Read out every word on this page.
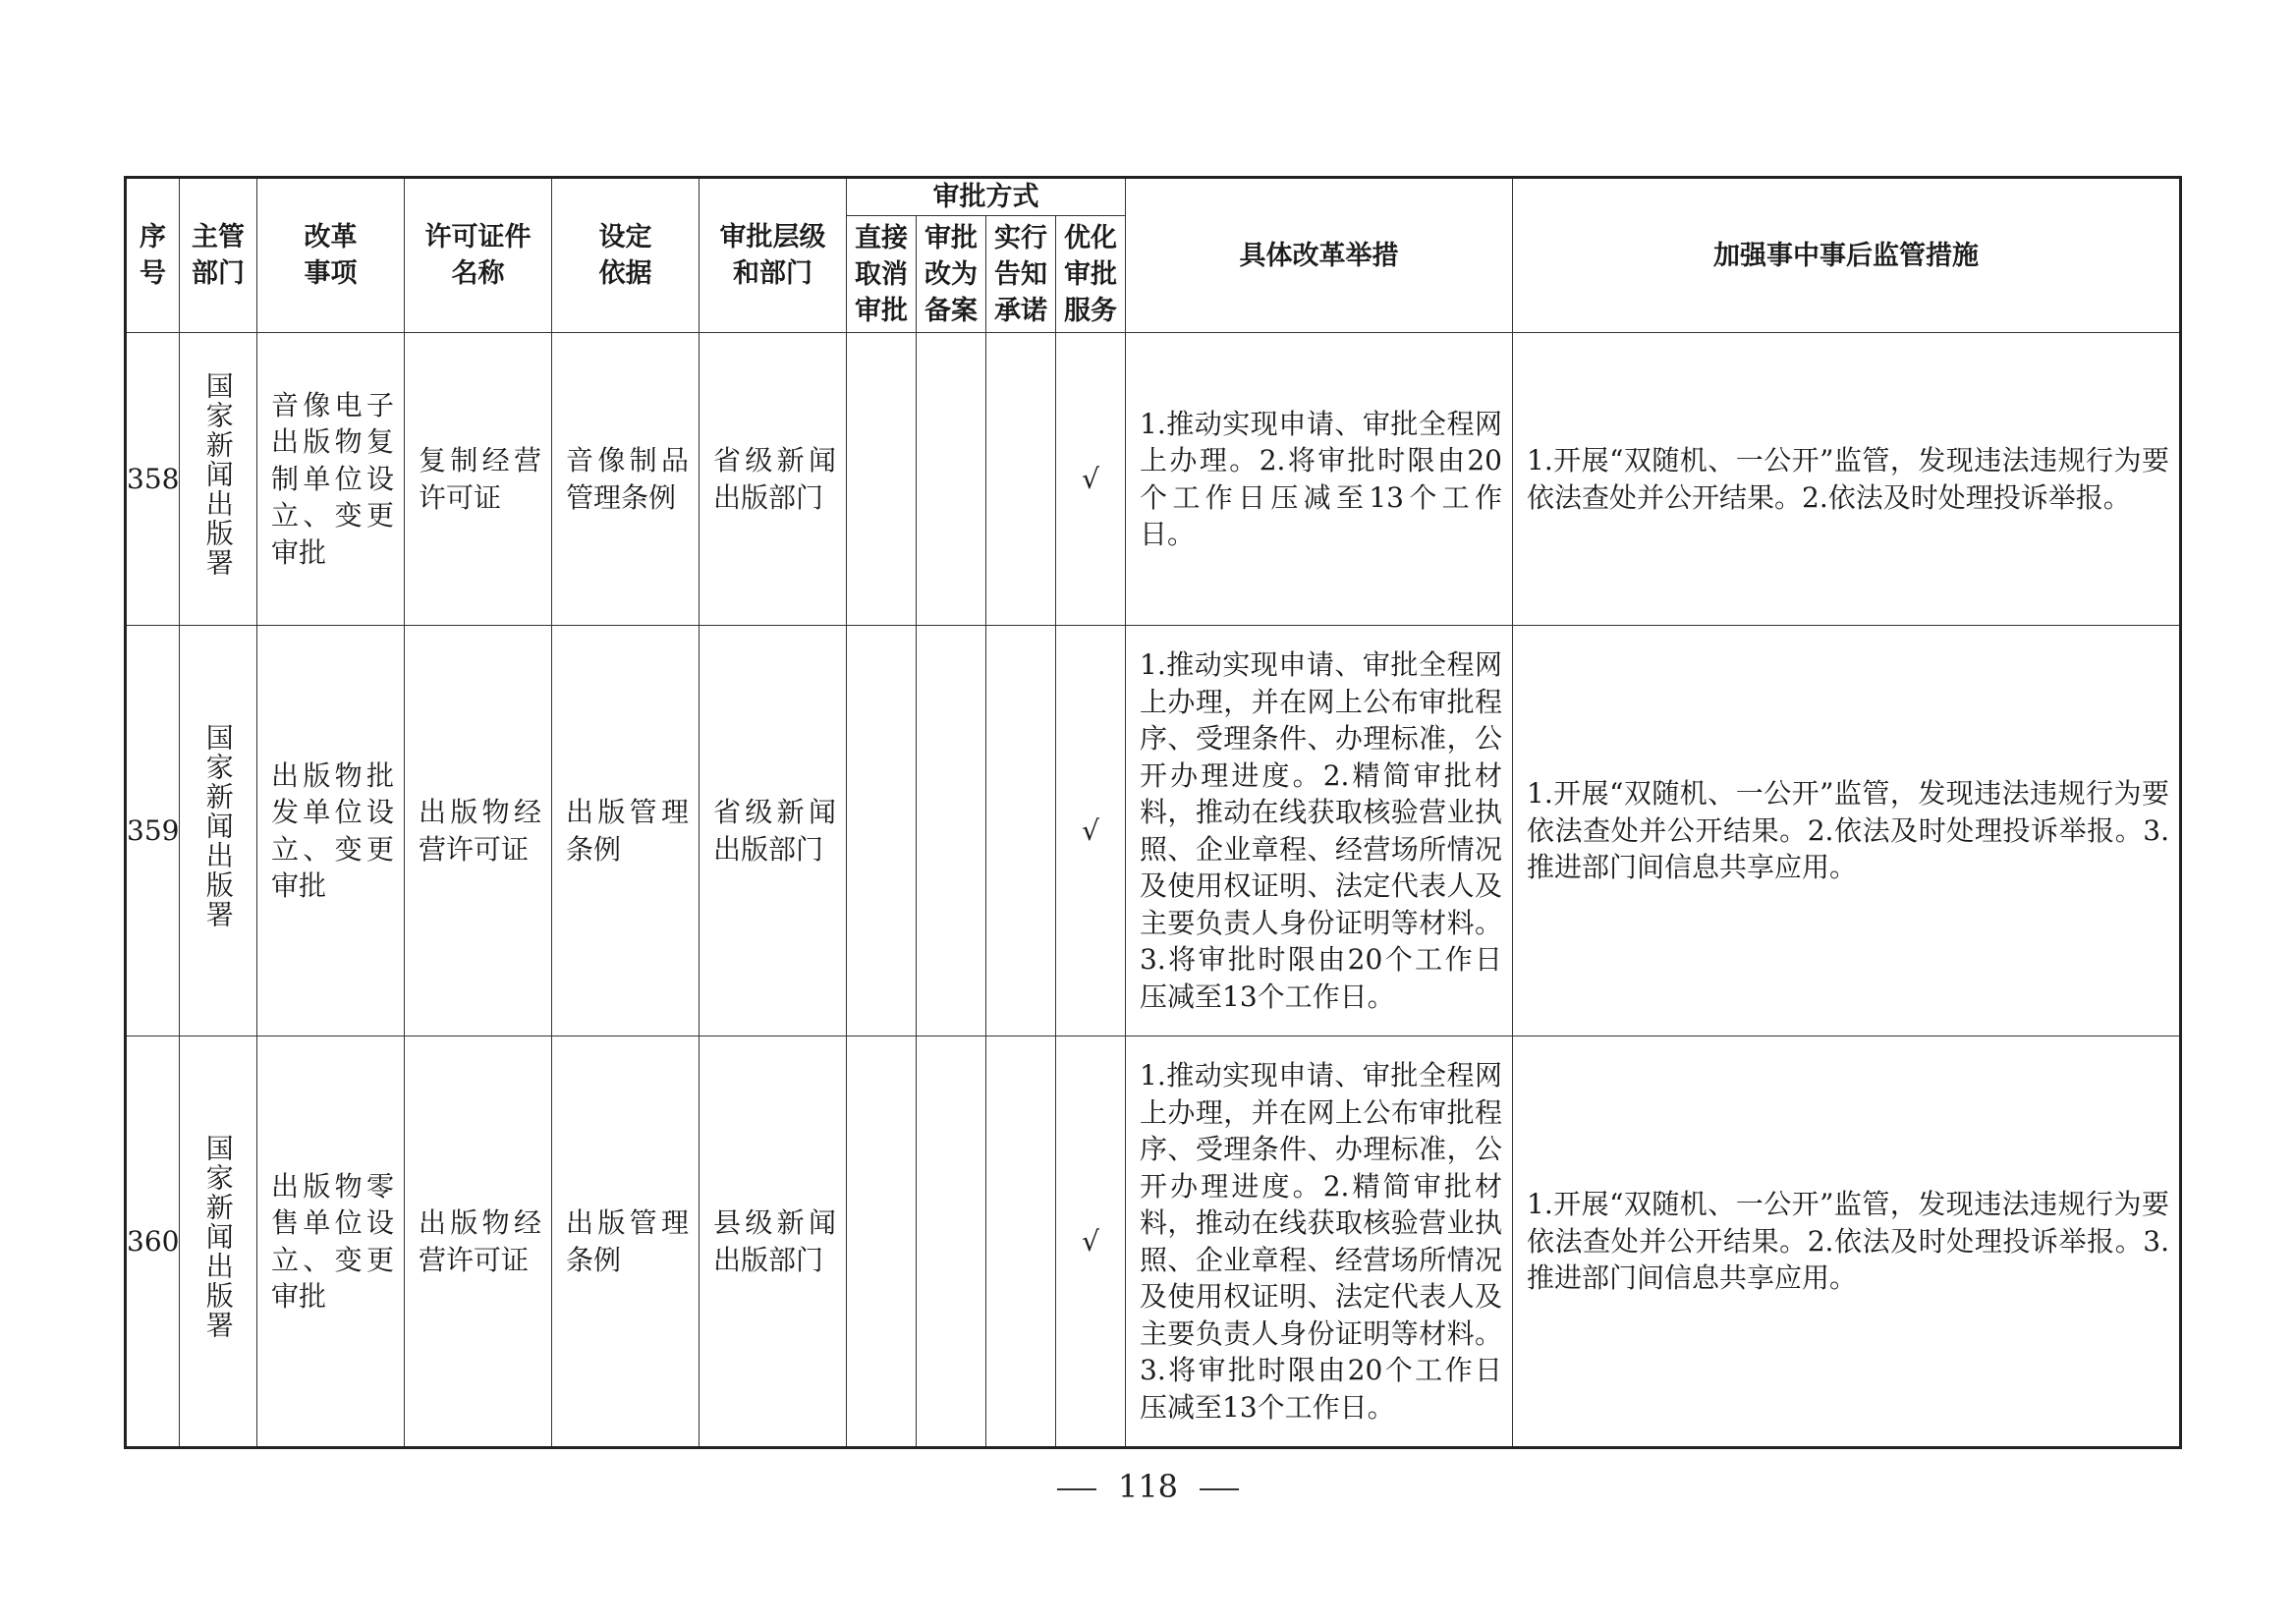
序号	主管部门	改革事项	许可证件名称	设定依据	审批层级和部门	审批方式				具体改革举措	加强事中事后监管措施
						直接取消审批	审批改为备案	实行告知承诺	优化审批服务		
358	国家新闻出版署	音像电子出版物复制单位设立、变更审批	复制经营许可证	音像制品管理条例	省级新闻出版部门				√	1.推动实现申请、审批全程网上办理。2.将审批时限由20个工作日压减至13个工作日。	1.开展“双随机、一公开”监管，发现违法违规行为要依法查处并公开结果。2.依法及时处理投诉举报。
359	国家新闻出版署	出版物批发单位设立、变更审批	出版物经营许可证	出版管理条例	省级新闻出版部门				√	1.推动实现申请、审批全程网上办理，并在网上公布审批程序、受理条件、办理标准，公开办理进度。2.精简审批材料，推动在线获取核验营业执照、企业章程、经营场所情况及使用权证明、法定代表人及主要负责人身份证明等材料。3.将审批时限由20个工作日压减至13个工作日。	1.开展“双随机、一公开”监管，发现违法违规行为要依法查处并公开结果。2.依法及时处理投诉举报。3.推进部门间信息共享应用。
360	国家新闻出版署	出版物零售单位设立、变更审批	出版物经营许可证	出版管理条例	县级新闻出版部门				√	1.推动实现申请、审批全程网上办理，并在网上公布审批程序、受理条件、办理标准，公开办理进度。2.精简审批材料，推动在线获取核验营业执照、企业章程、经营场所情况及使用权证明、法定代表人及主要负责人身份证明等材料。3.将审批时限由20个工作日压减至13个工作日。	1.开展“双随机、一公开”监管，发现违法违规行为要依法查处并公开结果。2.依法及时处理投诉举报。3.推进部门间信息共享应用。
118
